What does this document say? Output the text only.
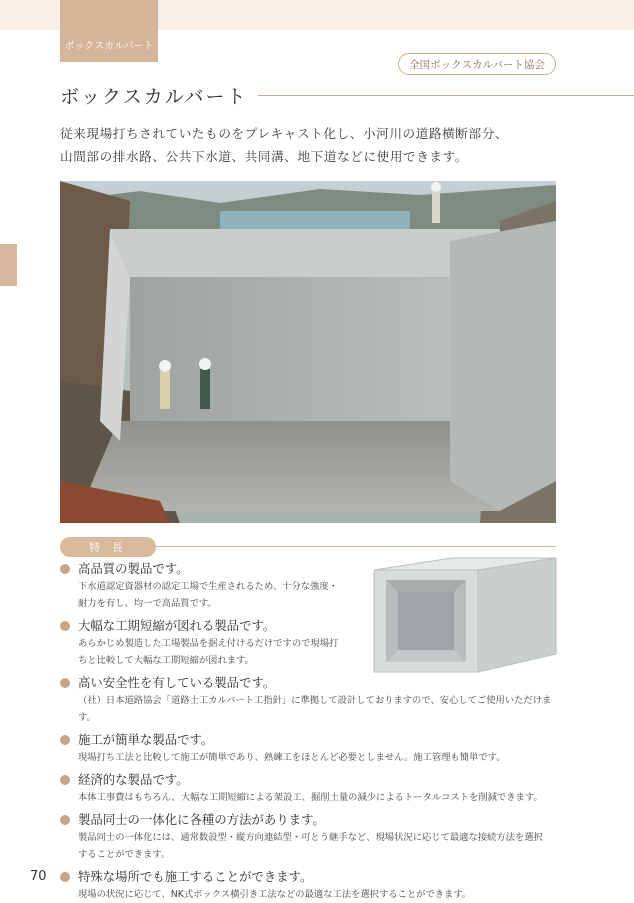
ボックスカルバート
全国ボックスカルバート協会
ボックスカルバート
従来現場打ちされていたものをプレキャスト化し、小河川の道路横断部分、
山間部の排水路、公共下水道、共同溝、地下道などに使用できます。
特 長
高品質の製品です。
下水道認定資器材の認定工場で生産されるため、十分な強度・
耐力を有し、均一で高品質です。
大幅な工期短縮が図れる製品です。
あらかじめ製造した工場製品を据え付けるだけですので現場打
ちと比較して大幅な工期短縮が図れます。
高い安全性を有している製品です。
（社）日本道路協会「道路土工カルバート工指針」に準拠して設計しておりますので、安心してご使用いただけます。
施工が簡単な製品です。
現場打ち工法と比較して施工が簡単であり、熟練工をほとんど必要としません。施工管理も簡単です。
経済的な製品です。
本体工事費はもちろん、大幅な工期短縮による架設工、掘削土量の減少によるトータルコストを削減できます。
製品同士の一体化に各種の方法があります。
製品同士の一体化には、通常数設型・縦方向連結型・可とう継手など、現場状況に応じて最適な接続方法を選択
することができます。
特殊な場所でも施工することができます。
現場の状況に応じて、NK式ボックス横引き工法などの最適な工法を選択することができます。
70
